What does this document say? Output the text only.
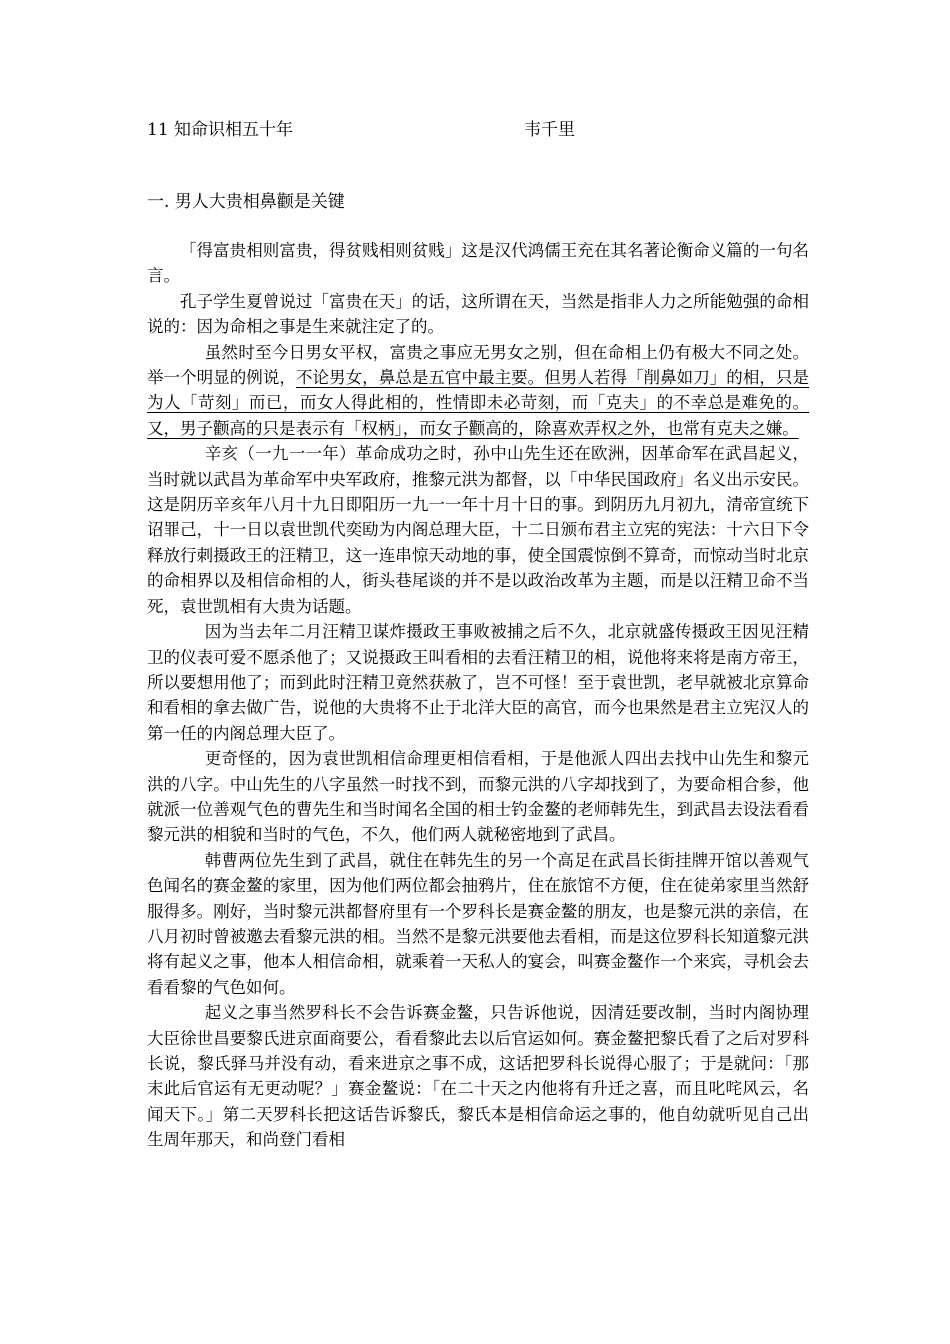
11 知命识相五十年	韦千里
一. 男人大贵相鼻颧是关键

「得富贵相则富贵，得贫贱相则贫贱」这是汉代鸿儒王充在其名著论衡命义篇的一句名言。

孔子学生夏曾说过「富贵在天」的话，这所谓在天，当然是指非人力之所能勉强的命相说的：因为命相之事是生来就注定了的。

虽然时至今日男女平权，富贵之事应无男女之别，但在命相上仍有极大不同之处。举一个明显的例说，不论男女，鼻总是五官中最主要。但男人若得「削鼻如刀」的相，只是为人「苛刻」而已，而女人得此相的，性情即未必苛刻，而「克夫」的不幸总是难免的。又，男子颧高的只是表示有「权柄」，而女子颧高的，除喜欢弄权之外，也常有克夫之嫌。

辛亥（一九一一年）革命成功之时，孙中山先生还在欧洲，因革命军在武昌起义，当时就以武昌为革命军中央军政府，推黎元洪为都督，以「中华民国政府」名义出示安民。这是阴历辛亥年八月十九日即阳历一九一一年十月十日的事。到阴历九月初九，清帝宣统下诏罪己，十一日以袁世凯代奕劻为内阁总理大臣，十二日颁布君主立宪的宪法：十六日下令释放行刺摄政王的汪精卫，这一连串惊天动地的事，使全国震惊倒不算奇，而惊动当时北京的命相界以及相信命相的人，街头巷尾谈的并不是以政治改革为主题，而是以汪精卫命不当死，袁世凯相有大贵为话题。

因为当去年二月汪精卫谋炸摄政王事败被捕之后不久，北京就盛传摄政王因见汪精卫的仪表可爱不愿杀他了；又说摄政王叫看相的去看汪精卫的相，说他将来将是南方帝王，所以要想用他了；而到此时汪精卫竟然获赦了，岂不可怪！至于袁世凯，老早就被北京算命和看相的拿去做广告，说他的大贵将不止于北洋大臣的高官，而今也果然是君主立宪汉人的第一任的内阁总理大臣了。

更奇怪的，因为袁世凯相信命理更相信看相，于是他派人四出去找中山先生和黎元洪的八字。中山先生的八字虽然一时找不到，而黎元洪的八字却找到了，为要命相合参，他就派一位善观气色的曹先生和当时闻名全国的相士钓金鳌的老师韩先生，到武昌去设法看看黎元洪的相貌和当时的气色，不久，他们两人就秘密地到了武昌。

韩曹两位先生到了武昌，就住在韩先生的另一个高足在武昌长街挂牌开馆以善观气色闻名的赛金鳌的家里，因为他们两位都会抽鸦片，住在旅馆不方便，住在徒弟家里当然舒服得多。刚好，当时黎元洪都督府里有一个罗科长是赛金鳌的朋友，也是黎元洪的亲信，在八月初时曾被邀去看黎元洪的相。当然不是黎元洪要他去看相，而是这位罗科长知道黎元洪将有起义之事，他本人相信命相，就乘着一天私人的宴会，叫赛金鳌作一个来宾，寻机会去看看黎的气色如何。

起义之事当然罗科长不会告诉赛金鳌，只告诉他说，因清廷要改制，当时内阁协理大臣徐世昌要黎氏进京面商要公，看看黎此去以后官运如何。赛金鳌把黎氏看了之后对罗科长说，黎氏驿马并没有动，看来进京之事不成，这话把罗科长说得心服了；于是就问：「那末此后官运有无更动呢？」赛金鳌说：「在二十天之内他将有升迁之喜，而且叱咤风云，名闻天下。」第二天罗科长把这话告诉黎氏，黎氏本是相信命运之事的，他自幼就听见自己出生周年那天，和尚登门看相
